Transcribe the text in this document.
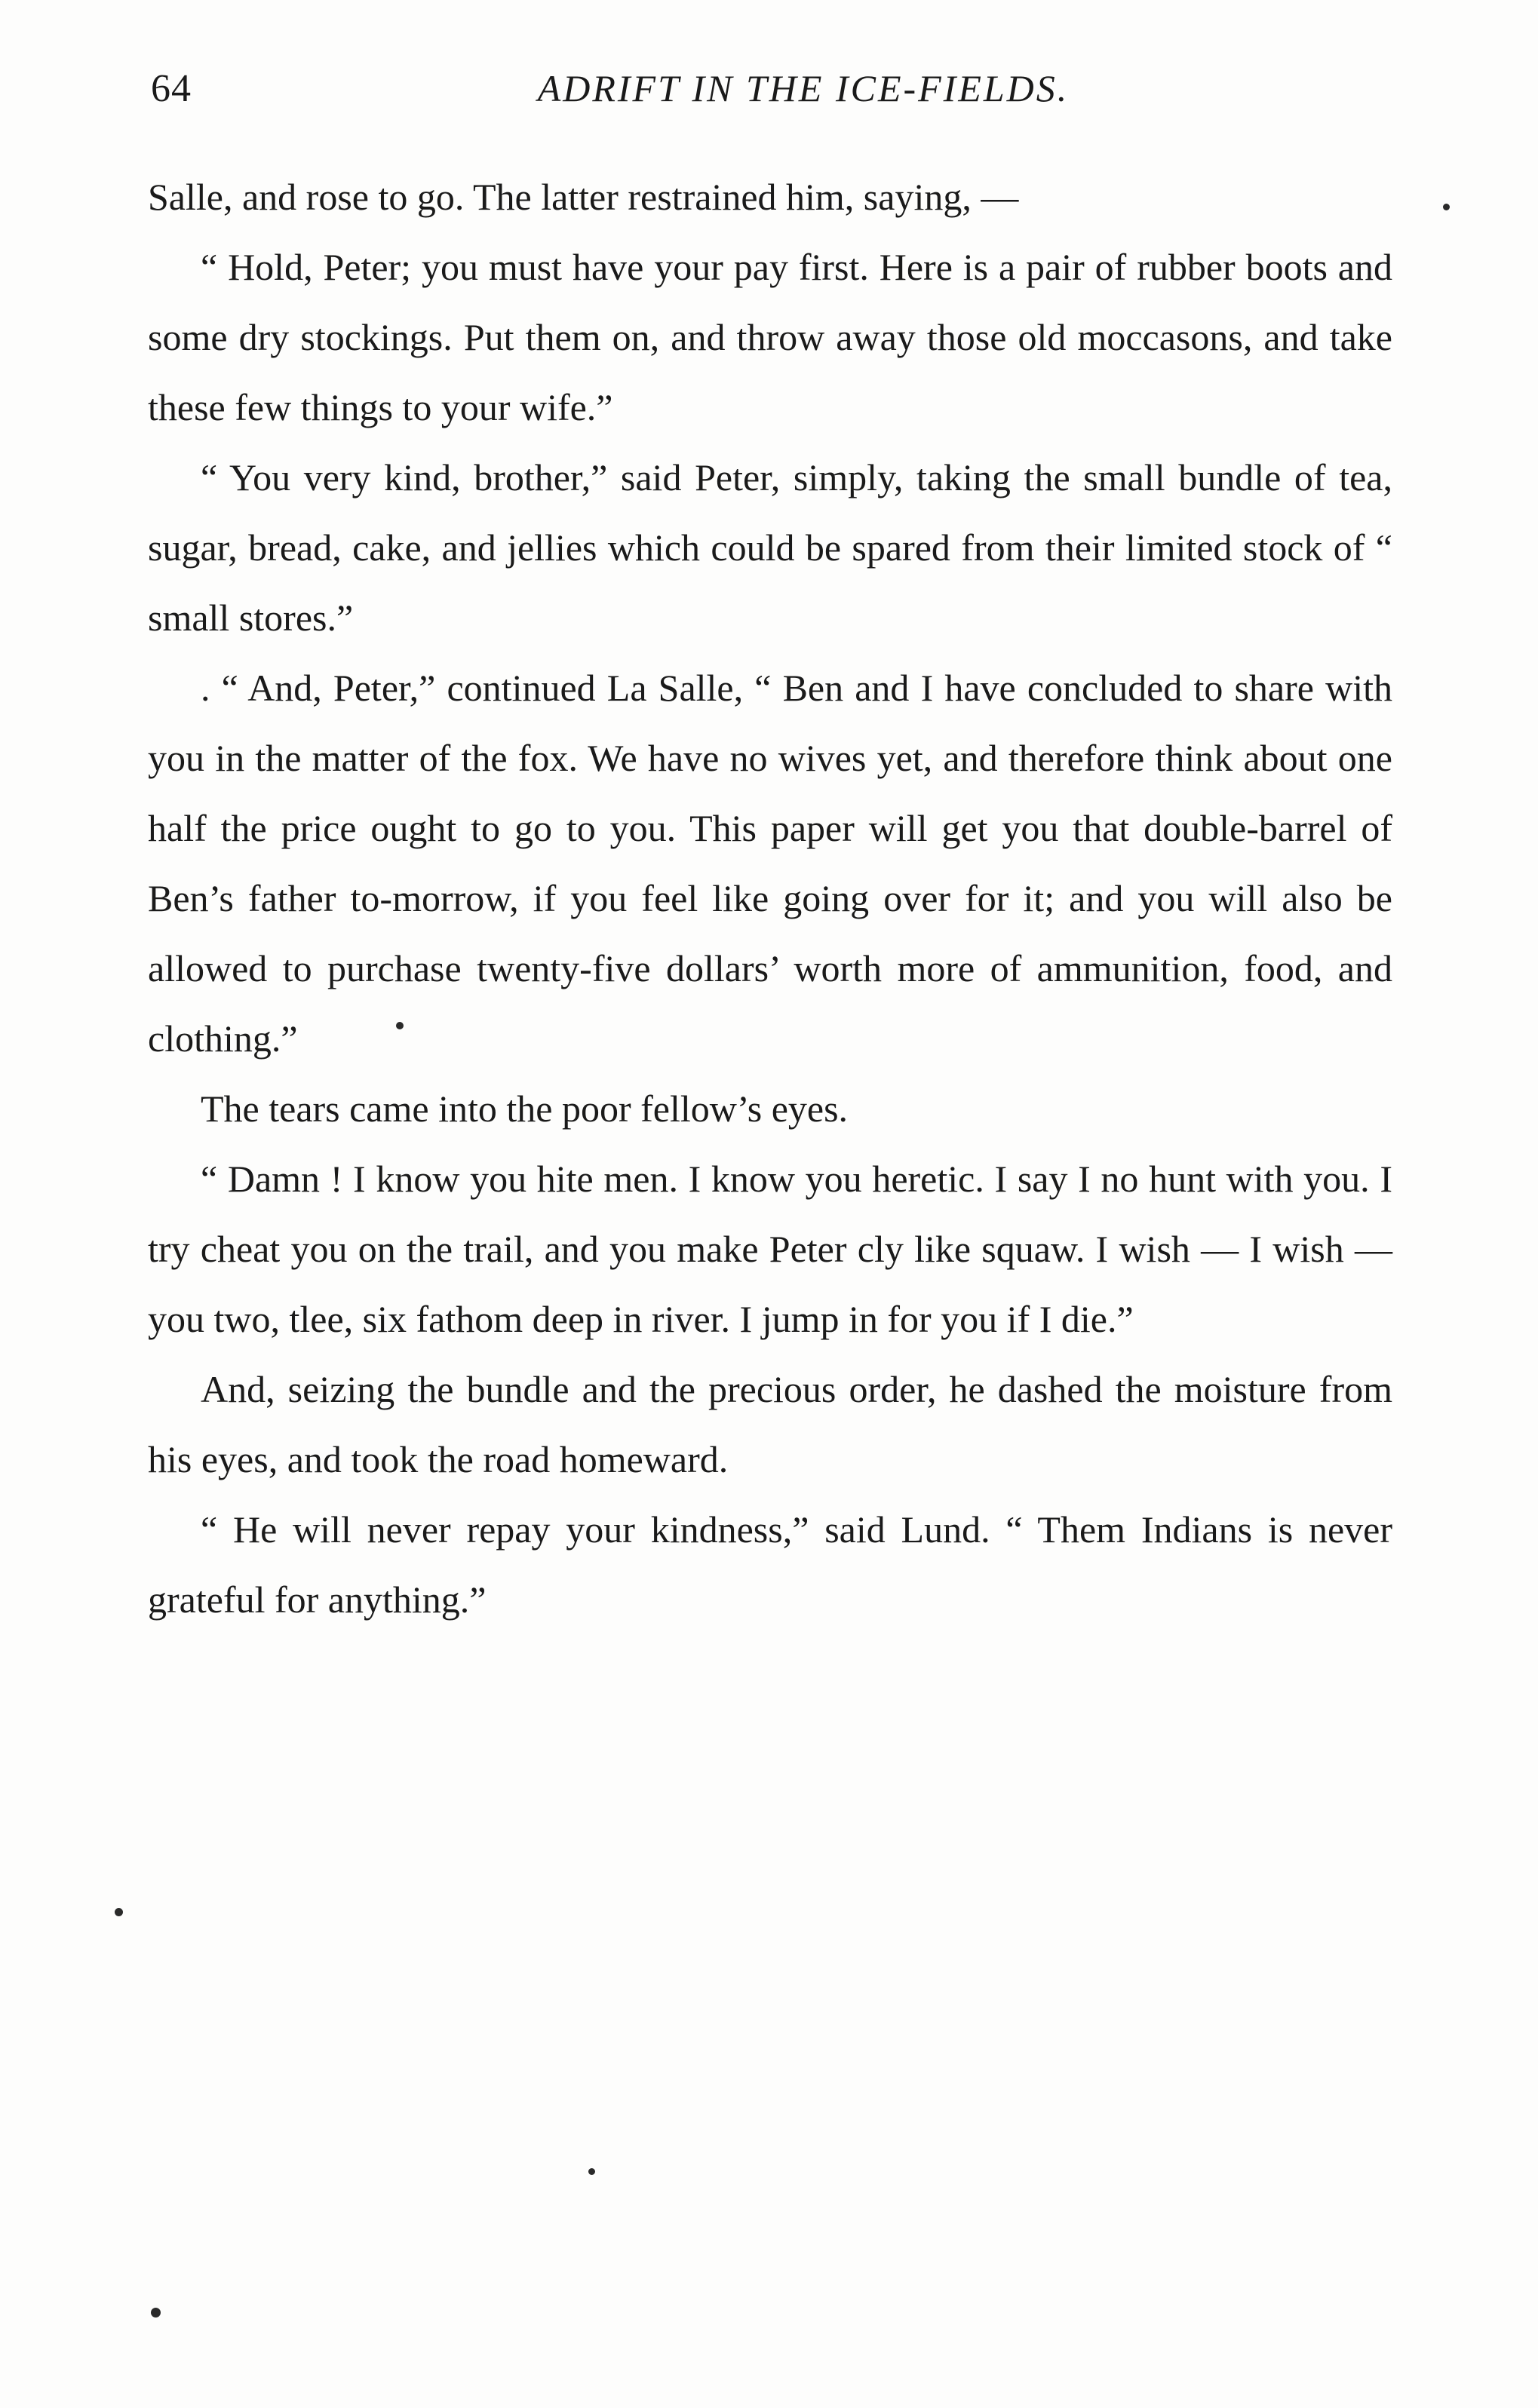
64	ADRIFT IN THE ICE-FIELDS.

Salle, and rose to go. The latter restrained him, saying, —

“ Hold, Peter; you must have your pay first. Here is a pair of rubber boots and some dry stockings. Put them on, and throw away those old moccasons, and take these few things to your wife.”

“ You very kind, brother,” said Peter, simply, taking the small bundle of tea, sugar, bread, cake, and jellies which could be spared from their limited stock of “ small stores.”

. “ And, Peter,” continued La Salle, “ Ben and I have concluded to share with you in the matter of the fox. We have no wives yet, and therefore think about one half the price ought to go to you. This paper will get you that double-barrel of Ben’s father to-morrow, if you feel like going over for it; and you will also be allowed to purchase twenty-five dollars’ worth more of ammunition, food, and clothing.”

The tears came into the poor fellow’s eyes.

“ Damn ! I know you hite men. I know you heretic. I say I no hunt with you. I try cheat you on the trail, and you make Peter cly like squaw. I wish — I wish — you two, tlee, six fathom deep in river. I jump in for you if I die.”

And, seizing the bundle and the precious order, he dashed the moisture from his eyes, and took the road homeward.

“ He will never repay your kindness,” said Lund. “ Them Indians is never grateful for anything.”
